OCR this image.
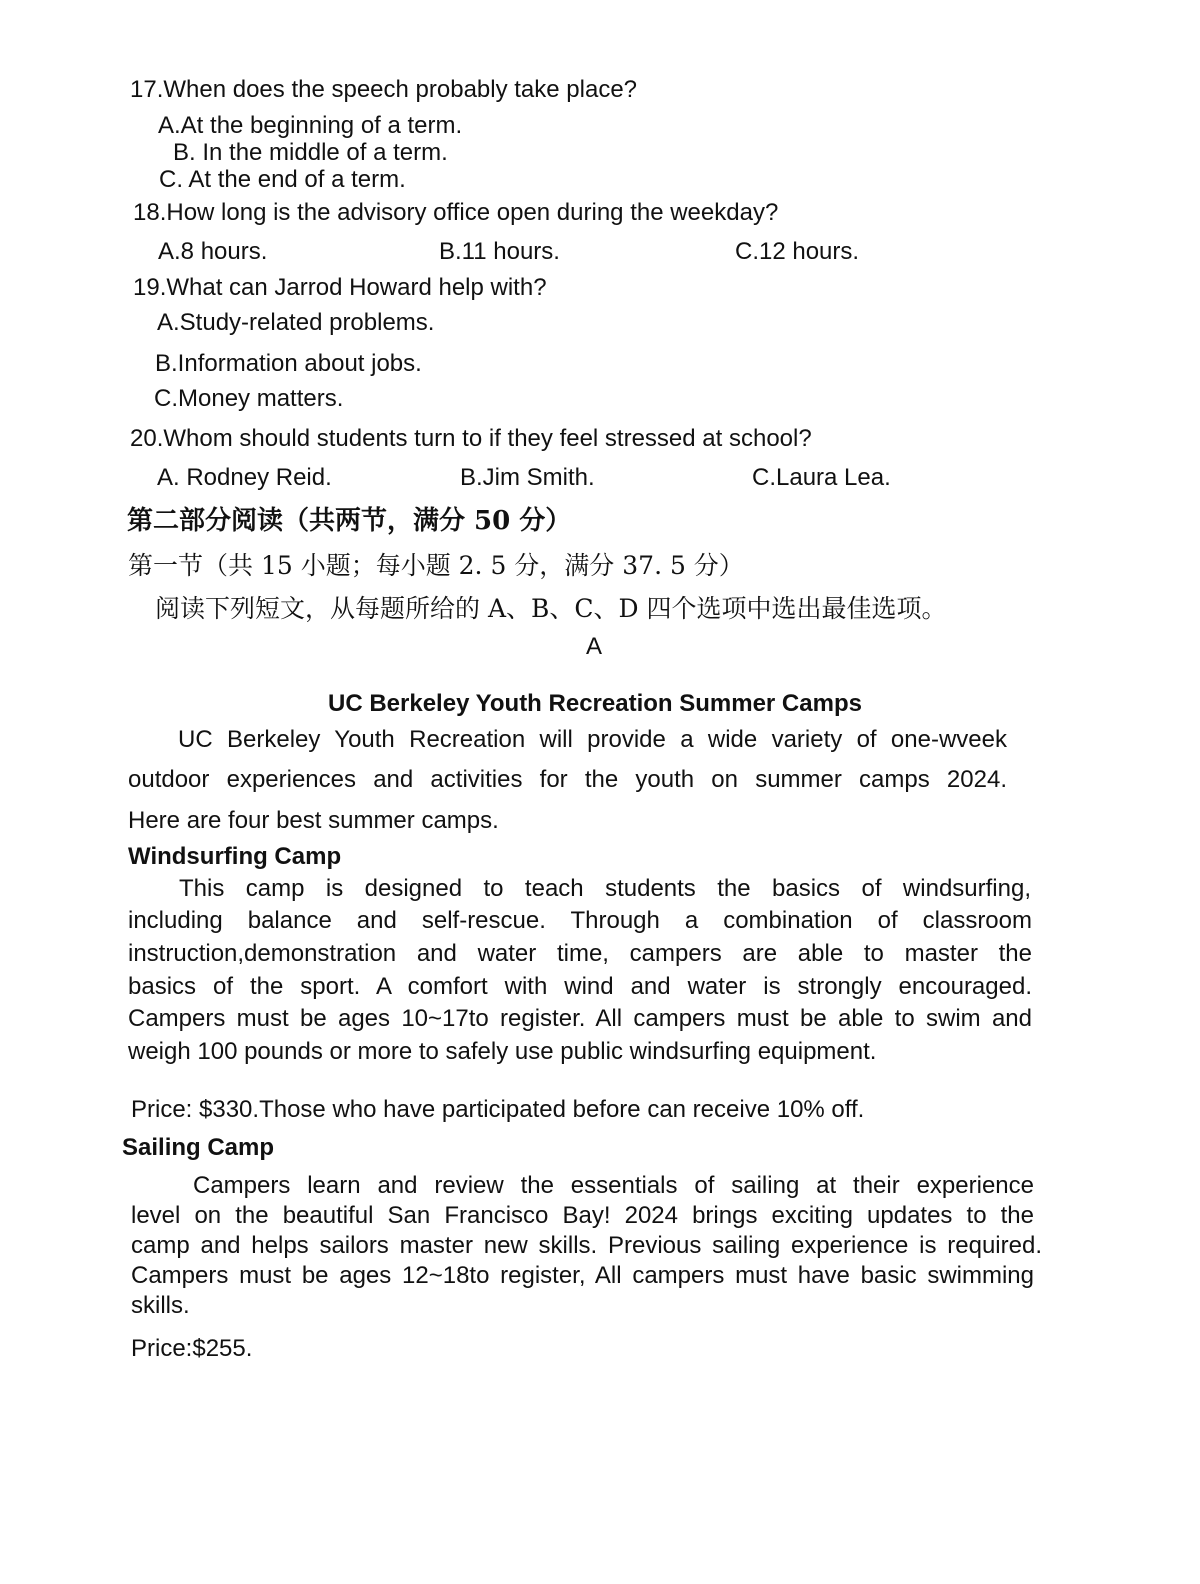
17.When does the speech probably take place?

A.At the beginning of a term.

B. In the middle of a term.

C. At the end of a term.

18.How long is the advisory office open during the weekday?

A.8 hours.	B.11 hours.	C.12 hours.

19.What can Jarrod Howard help with?

A.Study-related problems.

B.Information about jobs.

C.Money matters.

20.Whom should students turn to if they feel stressed at school?

A. Rodney Reid.	B.Jim Smith.	C.Laura Lea.

第二部分阅读（共两节，满分 50 分）

第一节（共 15 小题；每小题 2. 5 分，满分 37. 5 分）

阅读下列短文，从每题所给的 A、B、C、D 四个选项中选出最佳选项。

A

UC Berkeley Youth Recreation Summer Camps

UC Berkeley Youth Recreation will provide a wide variety of one-wveek

outdoor experiences and activities for the youth on summer camps 2024.

Here are four best summer camps.

Windsurfing Camp

This camp is designed to teach students the basics of windsurfing,

including balance and self-rescue. Through a combination of classroom

instruction,demonstration and water time, campers are able to master the

basics of the sport. A comfort with wind and water is strongly encouraged.

Campers must be ages 10~17to register. All campers must be able to swim and

weigh 100 pounds or more to safely use public windsurfing equipment.

Price: $330.Those who have participated before can receive 10% off.

Sailing Camp

Campers learn and review the essentials of sailing at their experience

level on the beautiful San Francisco Bay! 2024 brings exciting updates to the

camp and helps sailors master new skills. Previous sailing experience is required.

Campers must be ages 12~18to register, All campers must have basic swimming

skills.

Price:$255.
